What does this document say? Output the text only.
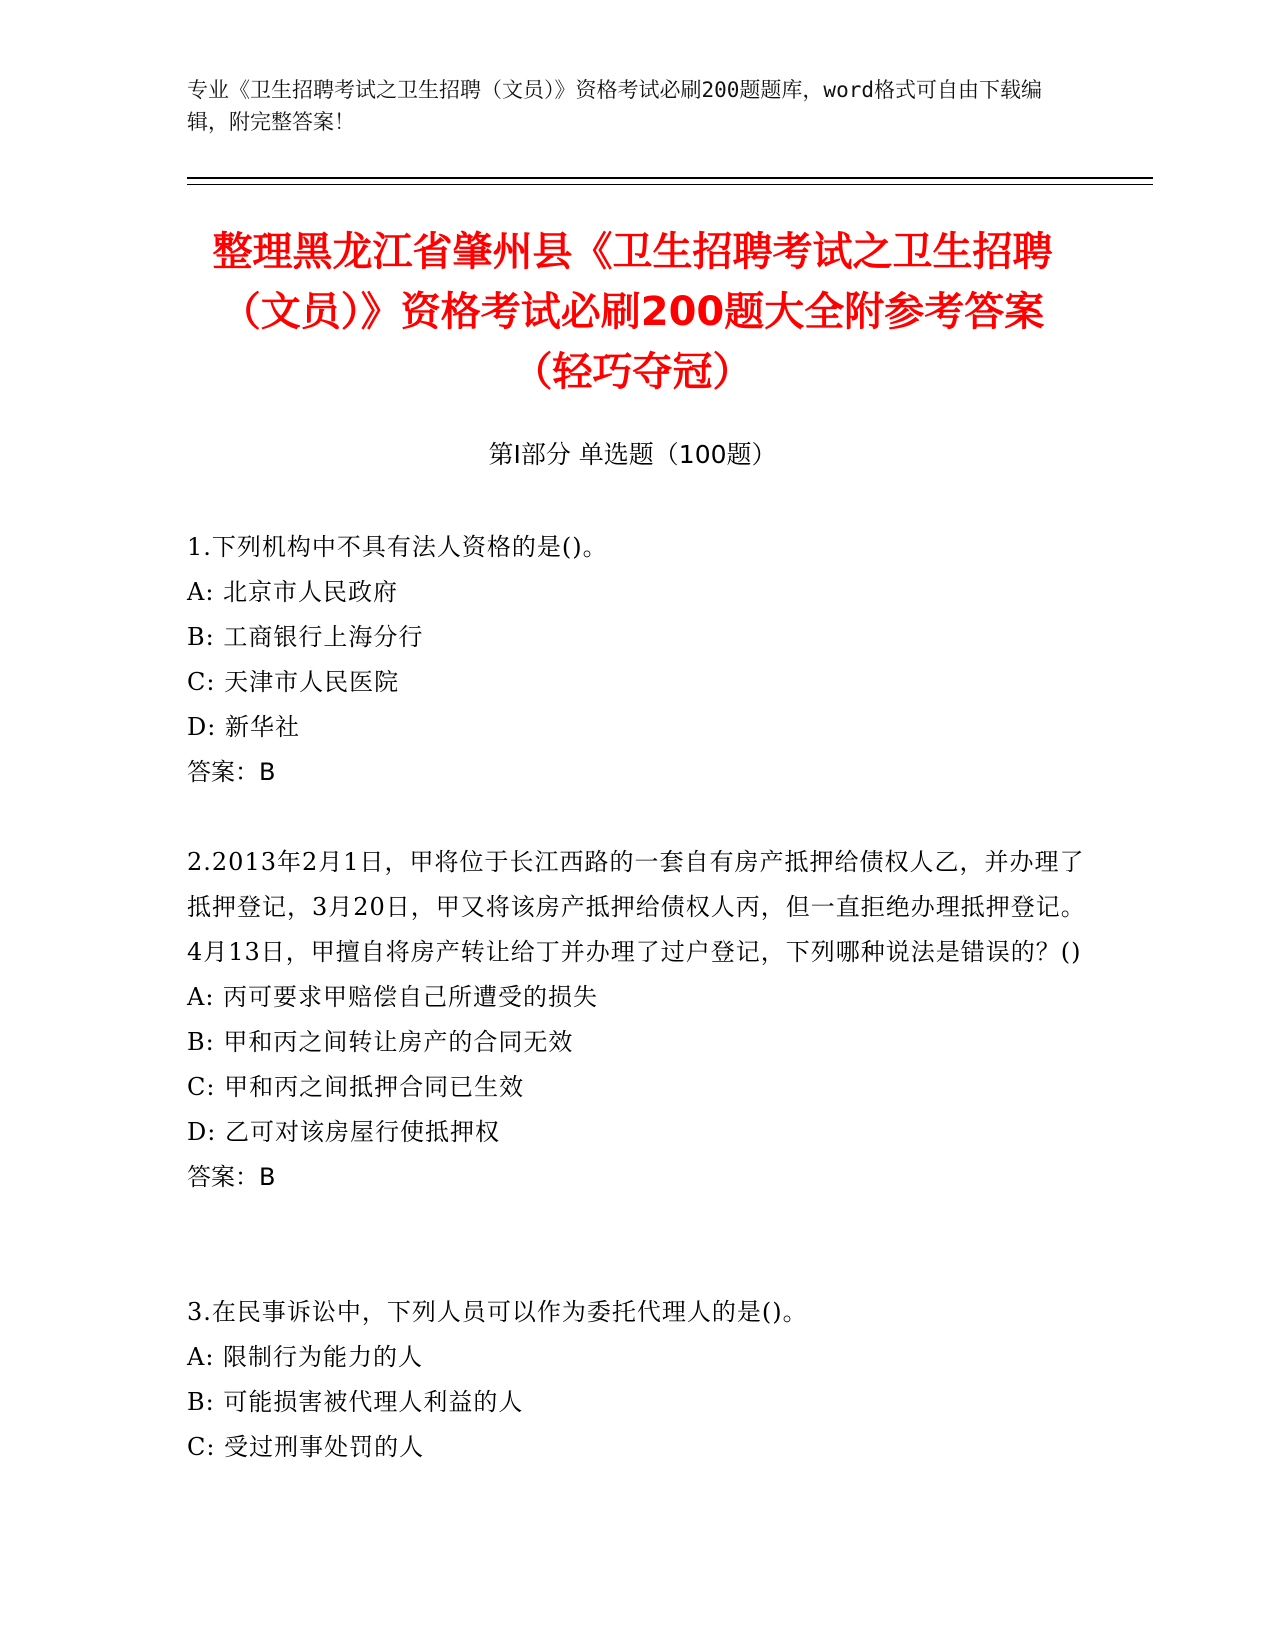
专业《卫生招聘考试之卫生招聘（文员）》资格考试必刷200题题库，word格式可自由下载编辑，附完整答案！
整理黑龙江省肇州县《卫生招聘考试之卫生招聘（文员）》资格考试必刷200题大全附参考答案（轻巧夺冠）
第Ⅰ部分 单选题（100题）
1.下列机构中不具有法人资格的是()。
A: 北京市人民政府
B: 工商银行上海分行
C: 天津市人民医院
D: 新华社
答案：B
2.2013年2月1日，甲将位于长江西路的一套自有房产抵押给债权人乙，并办理了抵押登记，3月20日，甲又将该房产抵押给债权人丙，但一直拒绝办理抵押登记。4月13日，甲擅自将房产转让给丁并办理了过户登记，下列哪种说法是错误的？()
A: 丙可要求甲赔偿自己所遭受的损失
B: 甲和丙之间转让房产的合同无效
C: 甲和丙之间抵押合同已生效
D: 乙可对该房屋行使抵押权
答案：B
3.在民事诉讼中，下列人员可以作为委托代理人的是()。
A: 限制行为能力的人
B: 可能损害被代理人利益的人
C: 受过刑事处罚的人
